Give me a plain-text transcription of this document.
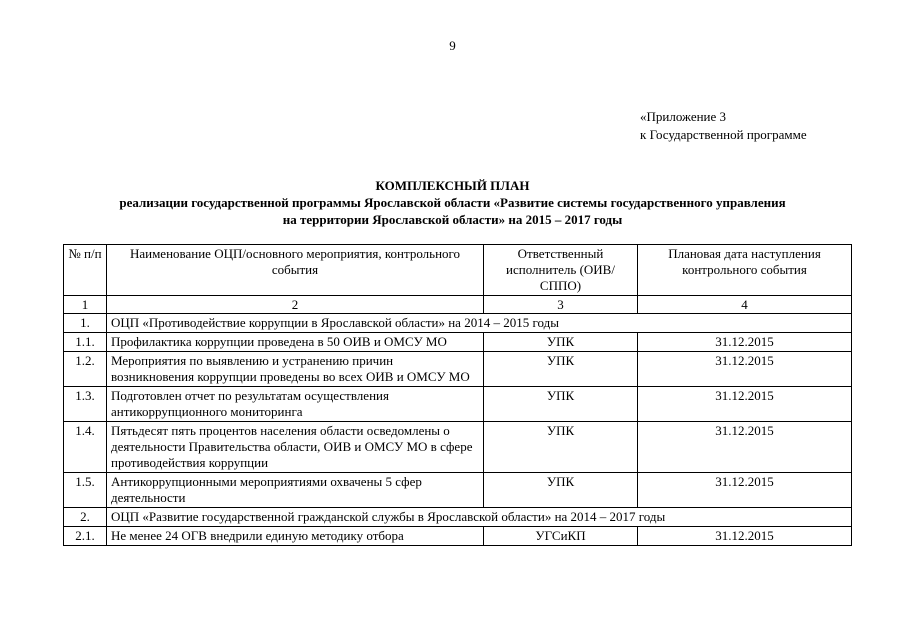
9
«Приложение 3
к Государственной программе
КОМПЛЕКСНЫЙ ПЛАН
реализации государственной программы Ярославской области «Развитие системы государственного управления
на территории Ярославской области» на 2015 – 2017 годы
№ п/п	Наименование ОЦП/основного мероприятия, контрольного события	Ответственный исполнитель (ОИВ/ СППО)	Плановая дата наступления контрольного события
1	2	3	4
1.	ОЦП «Противодействие коррупции в Ярославской области» на 2014 – 2015 годы		
1.1.	Профилактика коррупции проведена в 50 ОИВ и ОМСУ МО	УПК	31.12.2015
1.2.	Мероприятия по выявлению и устранению причин возникновения коррупции проведены во всех ОИВ и ОМСУ МО	УПК	31.12.2015
1.3.	Подготовлен отчет по результатам осуществления антикоррупционного мониторинга	УПК	31.12.2015
1.4.	Пятьдесят пять процентов населения области осведомлены о деятельности Правительства области, ОИВ и ОМСУ МО в сфере противодействия коррупции	УПК	31.12.2015
1.5.	Антикоррупционными мероприятиями охвачены 5 сфер деятельности	УПК	31.12.2015
2.	ОЦП «Развитие государственной гражданской службы в Ярославской области» на 2014 – 2017 годы		
2.1.	Не менее 24 ОГВ внедрили единую методику отбора	УГСиКП	31.12.2015
